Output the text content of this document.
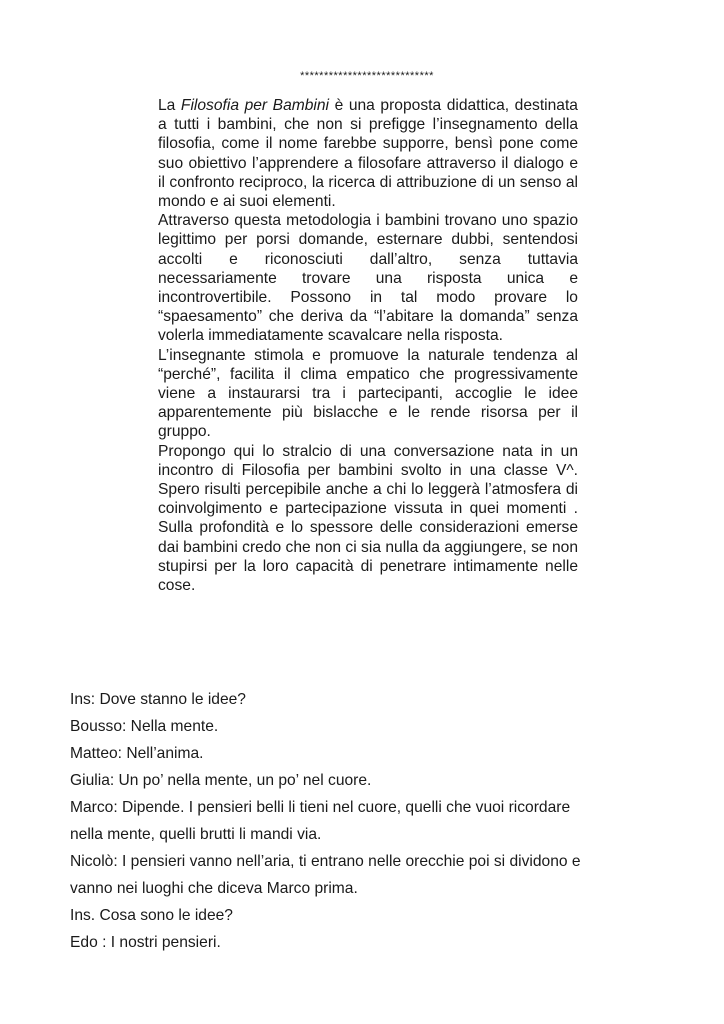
****************************

La Filosofia per Bambini è una proposta didattica, destinata a tutti i bambini, che non si prefigge l’insegnamento della filosofia, come il nome farebbe supporre, bensì pone come suo obiettivo l’apprendere a filosofare attraverso il dialogo e il confronto reciproco, la ricerca di attribuzione di un senso al mondo e ai suoi elementi.

Attraverso questa metodologia i bambini trovano uno spazio legittimo per porsi domande, esternare dubbi, sentendosi accolti e riconosciuti dall’altro, senza tuttavia necessariamente trovare una risposta unica e incontrovertibile. Possono in tal modo provare lo “spaesamento” che deriva da “l’abitare la domanda” senza volerla immediatamente scavalcare nella risposta.

L’insegnante stimola e promuove la naturale tendenza al “perché”, facilita il clima empatico che progressivamente viene a instaurarsi tra i partecipanti, accoglie le idee apparentemente più bislacche e le rende risorsa per il gruppo.

Propongo qui lo stralcio di una conversazione nata in un incontro di Filosofia per bambini svolto in una classe V^. Spero risulti percepibile anche a chi lo leggerà l’atmosfera di coinvolgimento e partecipazione vissuta in quei momenti . Sulla profondità e lo spessore delle considerazioni emerse dai bambini credo che non ci sia nulla da aggiungere, se non stupirsi per la loro capacità di penetrare intimamente nelle cose.

Ins: Dove stanno le idee?

Bousso: Nella mente.

Matteo: Nell’anima.

Giulia: Un po’ nella mente, un po’ nel cuore.

Marco: Dipende. I pensieri belli li tieni nel cuore, quelli che vuoi ricordare

nella mente, quelli brutti li mandi via.

Nicolò: I pensieri vanno nell’aria, ti entrano nelle orecchie poi si dividono e

vanno nei luoghi che diceva Marco prima.

Ins. Cosa sono le idee?

Edo : I nostri pensieri.
